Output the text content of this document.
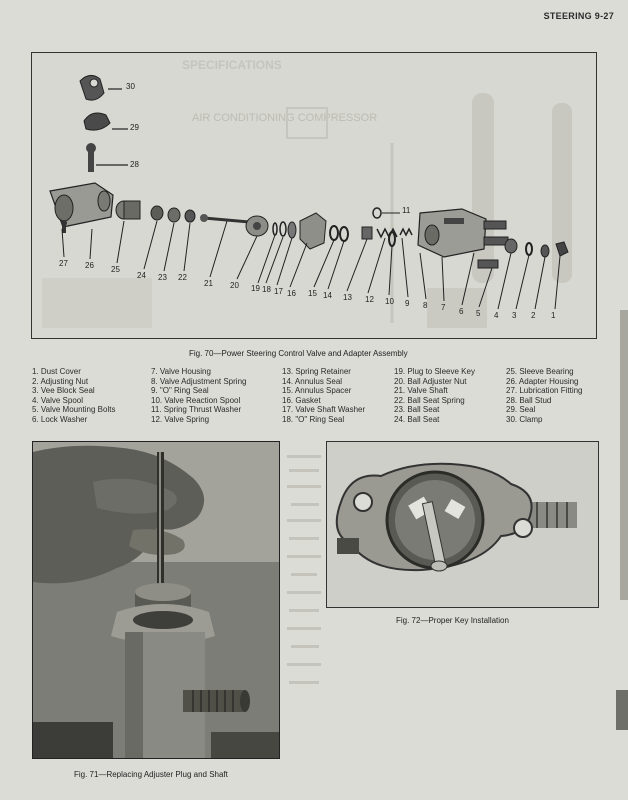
STEERING 9-27
SPECIFICATIONS
AIR CONDITIONING COMPRESSOR
30
29
28
27 26 25
24 23 22
21 20 19 18 17 16 15 14 13 12
11
10 9 8 7 6 5 4 3 2 1
Fig. 70—Power Steering Control Valve and Adapter Assembly
1. Dust Cover
2. Adjusting Nut
3. Vee Block Seal
4. Valve Spool
5. Valve Mounting Bolts
6. Lock Washer
7. Valve Housing
8. Valve Adjustment Spring
9. "O" Ring Seal
10. Valve Reaction Spool
11. Spring Thrust Washer
12. Valve Spring
13. Spring Retainer
14. Annulus Seal
15. Annulus Spacer
16. Gasket
17. Valve Shaft Washer
18. "O" Ring Seal
19. Plug to Sleeve Key
20. Ball Adjuster Nut
21. Valve Shaft
22. Ball Seat Spring
23. Ball Seat
24. Ball Seat
25. Sleeve Bearing
26. Adapter Housing
27. Lubrication Fitting
28. Ball Stud
29. Seal
30. Clamp
Fig. 71—Replacing Adjuster Plug and Shaft
Fig. 72—Proper Key Installation
